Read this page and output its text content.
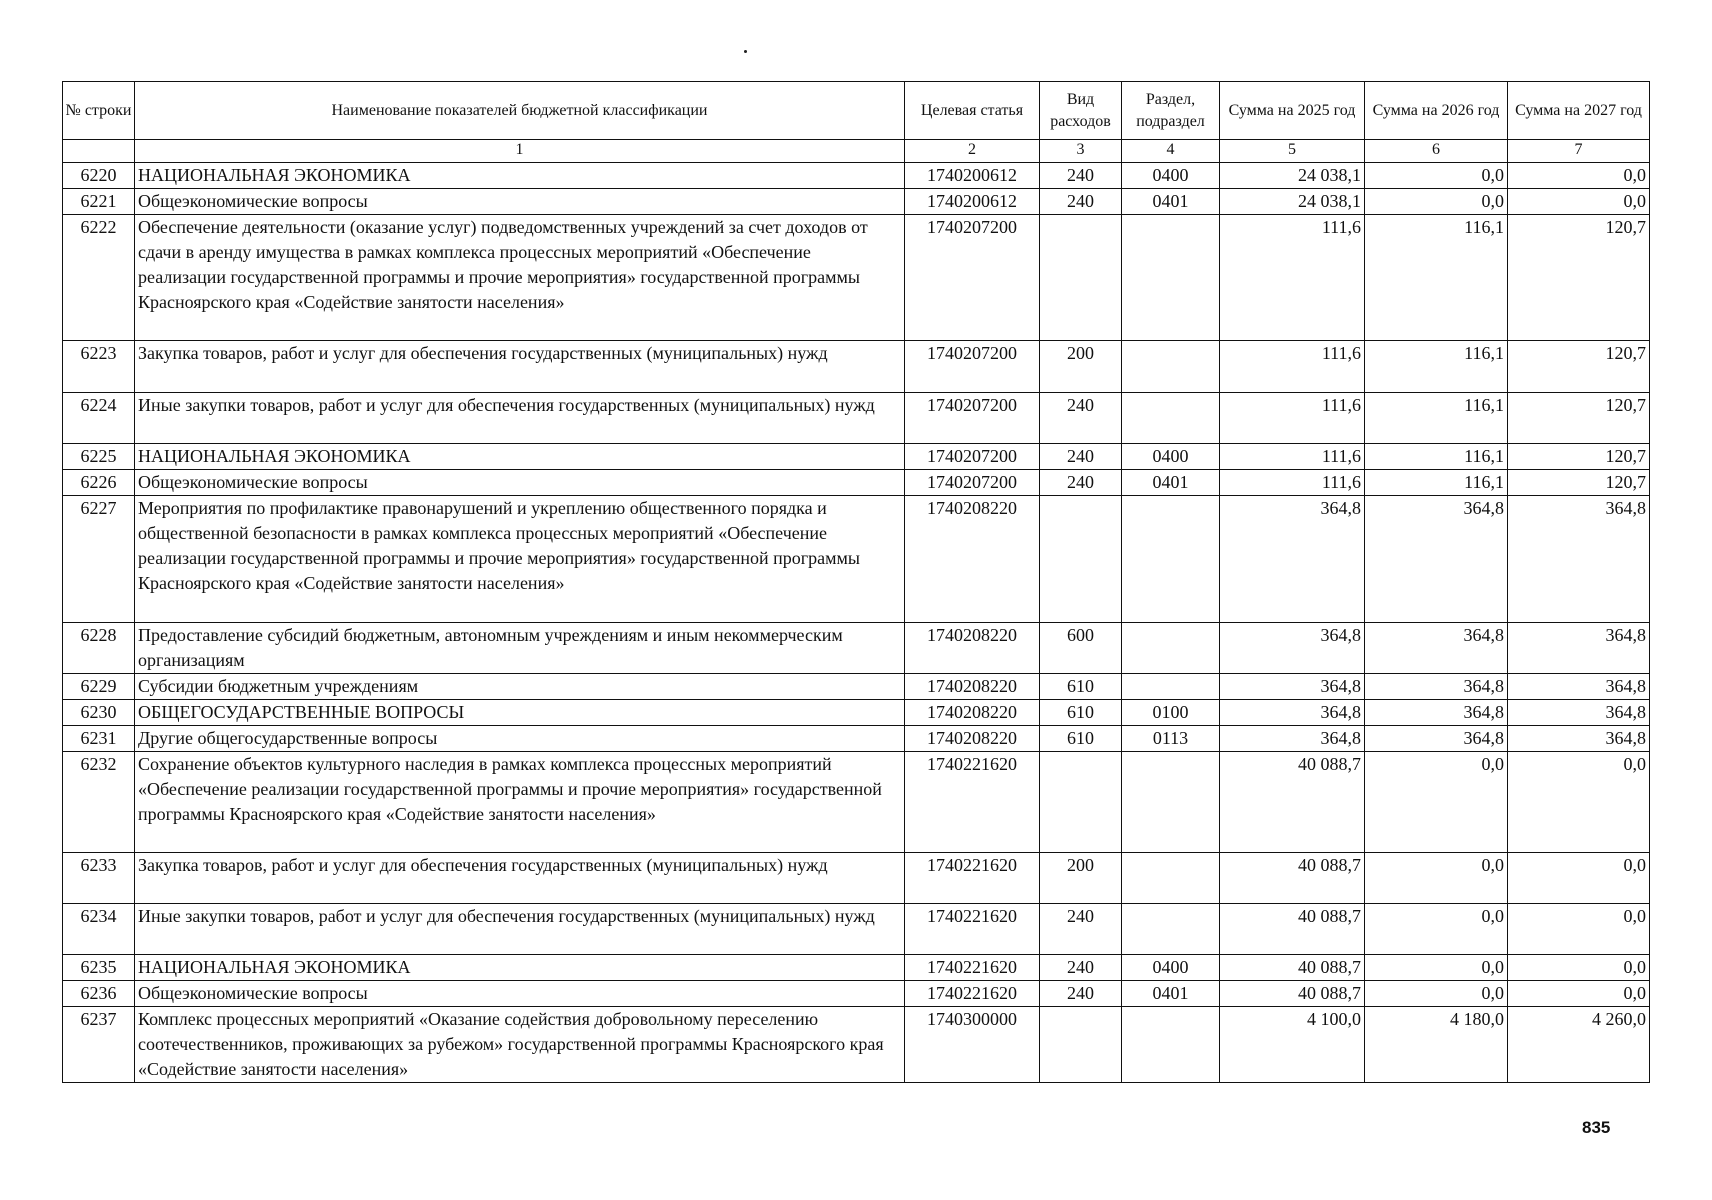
№ строки	Наименование показателей бюджетной классификации	Целевая статья	Вид расходов	Раздел, подраздел	Сумма на 2025 год	Сумма на 2026 год	Сумма на 2027 год
	1	2	3	4	5	6	7
6220	НАЦИОНАЛЬНАЯ ЭКОНОМИКА	1740200612	240	0400	24 038,1	0,0	0,0
6221	Общеэкономические вопросы	1740200612	240	0401	24 038,1	0,0	0,0
6222	Обеспечение деятельности (оказание услуг) подведомственных учреждений за счет доходов от сдачи в аренду имущества в рамках комплекса процессных мероприятий «Обеспечение реализации государственной программы и прочие мероприятия» государственной программы Красноярского края «Содействие занятости населения»	1740207200			111,6	116,1	120,7
6223	Закупка товаров, работ и услуг для обеспечения государственных (муниципальных) нужд	1740207200	200		111,6	116,1	120,7
6224	Иные закупки товаров, работ и услуг для обеспечения государственных (муниципальных) нужд	1740207200	240		111,6	116,1	120,7
6225	НАЦИОНАЛЬНАЯ ЭКОНОМИКА	1740207200	240	0400	111,6	116,1	120,7
6226	Общеэкономические вопросы	1740207200	240	0401	111,6	116,1	120,7
6227	Мероприятия по профилактике правонарушений и укреплению общественного порядка и общественной безопасности в рамках комплекса процессных мероприятий «Обеспечение реализации государственной программы и прочие мероприятия» государственной программы Красноярского края «Содействие занятости населения»	1740208220			364,8	364,8	364,8
6228	Предоставление субсидий бюджетным, автономным учреждениям и иным некоммерческим организациям	1740208220	600		364,8	364,8	364,8
6229	Субсидии бюджетным учреждениям	1740208220	610		364,8	364,8	364,8
6230	ОБЩЕГОСУДАРСТВЕННЫЕ ВОПРОСЫ	1740208220	610	0100	364,8	364,8	364,8
6231	Другие общегосударственные вопросы	1740208220	610	0113	364,8	364,8	364,8
6232	Сохранение объектов культурного наследия в рамках комплекса процессных мероприятий «Обеспечение реализации государственной программы и прочие мероприятия» государственной программы Красноярского края «Содействие занятости населения»	1740221620			40 088,7	0,0	0,0
6233	Закупка товаров, работ и услуг для обеспечения государственных (муниципальных) нужд	1740221620	200		40 088,7	0,0	0,0
6234	Иные закупки товаров, работ и услуг для обеспечения государственных (муниципальных) нужд	1740221620	240		40 088,7	0,0	0,0
6235	НАЦИОНАЛЬНАЯ ЭКОНОМИКА	1740221620	240	0400	40 088,7	0,0	0,0
6236	Общеэкономические вопросы	1740221620	240	0401	40 088,7	0,0	0,0
6237	Комплекс процессных мероприятий «Оказание содействия добровольному переселению соотечественников, проживающих за рубежом» государственной программы Красноярского края «Содействие занятости населения»	1740300000			4 100,0	4 180,0	4 260,0
835
